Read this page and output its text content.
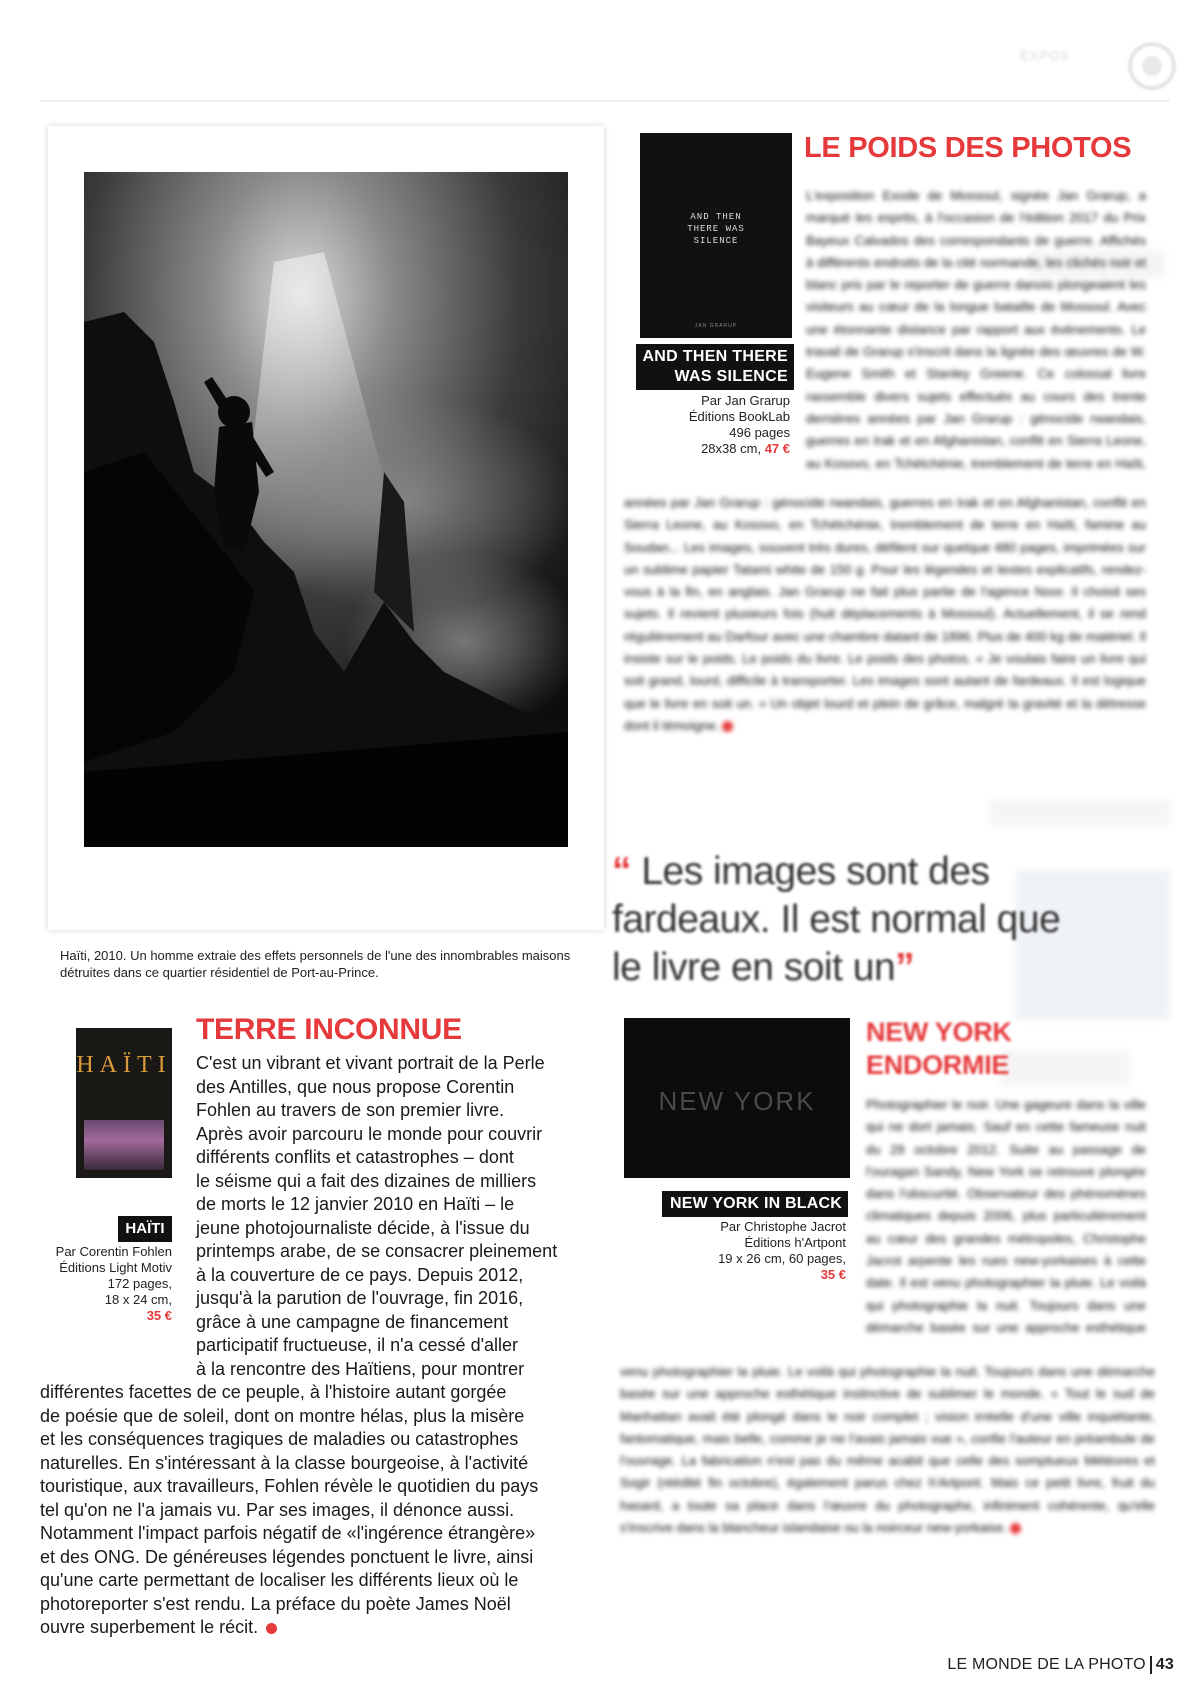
EXPOS
Haïti, 2010. Un homme extraie des effets personnels de l'une des innombrables maisons détruites dans ce quartier résidentiel de Port-au-Prince.
LE POIDS DES PHOTOS
AND THEN THERE WAS SILENCE
JAN GRARUP
AND THEN THERE WAS SILENCE
Par Jan Grarup
Éditions BookLab
496 pages
28x38 cm, 47 €
L'exposition Exode de Mossoul, signée Jan Grarup, a marqué les esprits, à l'occasion de l'édition 2017 du Prix Bayeux Calvados des correspondants de guerre. Affichés à différents endroits de la cité normande, les clichés noir et blanc pris par le reporter de guerre danois plongeaient les visiteurs au cœur de la longue bataille de Mossoul. Avec une étonnante distance par rapport aux événements. Le travail de Grarup s'inscrit dans la lignée des œuvres de W. Eugene Smith et Stanley Greene. Ce colossal livre rassemble divers sujets effectués au cours des trente dernières années par Jan Grarup : génocide rwandais, guerres en Irak et en Afghanistan, conflit en Sierra Leone, au Kosovo, en Tchétchénie, tremblement de terre en Haïti,
années par Jan Grarup : génocide rwandais, guerres en Irak et en Afghanistan, conflit en Sierra Leone, au Kosovo, en Tchétchénie, tremblement de terre en Haïti, famine au Soudan... Les images, souvent très dures, défilent sur quelque 480 pages, imprimées sur un sublime papier Tatami white de 150 g. Pour les légendes et textes explicatifs, rendez-vous à la fin, en anglais. Jan Grarup ne fait plus partie de l'agence Noor. Il choisit ses sujets. Il revient plusieurs fois (huit déplacements à Mossoul). Actuellement, il se rend régulièrement au Darfour avec une chambre datant de 1896. Plus de 400 kg de matériel. Il insiste sur le poids. Le poids du livre. Le poids des photos. « Je voulais faire un livre qui soit grand, lourd, difficile à transporter. Les images sont autant de fardeaux. Il est logique que le livre en soit un. » Un objet lourd et plein de grâce, malgré la gravité et la détresse dont il témoigne.
“ Les images sont des fardeaux. Il est normal que le livre en soit un”
TERRE INCONNUE
HAÏTI
HAÏTI
Par Corentin Fohlen
Éditions Light Motiv
172 pages,
18 x 24 cm,
35 €
C'est un vibrant et vivant portrait de la Perle
des Antilles, que nous propose Corentin
Fohlen au travers de son premier livre.
Après avoir parcouru le monde pour couvrir
différents conflits et catastrophes – dont
le séisme qui a fait des dizaines de milliers
de morts le 12 janvier 2010 en Haïti – le
jeune photojournaliste décide, à l'issue du
printemps arabe, de se consacrer pleinement
à la couverture de ce pays. Depuis 2012,
jusqu'à la parution de l'ouvrage, fin 2016,
grâce à une campagne de financement
participatif fructueuse, il n'a cessé d'aller
à la rencontre des Haïtiens, pour montrer
différentes facettes de ce peuple, à l'histoire autant gorgée
de poésie que de soleil, dont on montre hélas, plus la misère
et les conséquences tragiques de maladies ou catastrophes
naturelles. En s'intéressant à la classe bourgeoise, à l'activité
touristique, aux travailleurs, Fohlen révèle le quotidien du pays
tel qu'on ne l'a jamais vu. Par ses images, il dénonce aussi.
Notamment l'impact parfois négatif de «l'ingérence étrangère»
et des ONG. De généreuses légendes ponctuent le livre, ainsi
qu'une carte permettant de localiser les différents lieux où le
photoreporter s'est rendu. La préface du poète James Noël
ouvre superbement le récit.
NEW YORK
ENDORMIE
NEW YORK
NEW YORK IN BLACK
Par Christophe Jacrot
Éditions h'Artpont
19 x 26 cm, 60 pages,
35 €
Photographier le noir. Une gageure dans la ville qui ne dort jamais. Sauf en cette fameuse nuit du 29 octobre 2012. Suite au passage de l'ouragan Sandy, New York se retrouve plongée dans l'obscurité. Observateur des phénomènes climatiques depuis 2006, plus particulièrement au cœur des grandes métropoles, Christophe Jacrot arpente les rues new-yorkaises à cette date. Il est venu photographier la pluie. Le voilà qui photographie la nuit. Toujours dans une démarche basée sur une approche esthétique
venu photographier la pluie. Le voilà qui photographie la nuit. Toujours dans une démarche basée sur une approche esthétique instinctive de sublimer le monde. « Tout le sud de Manhattan avait été plongé dans le noir complet ; vision irréelle d'une ville inquiétante, fantomatique, mais belle, comme je ne l'avais jamais vue », confie l'auteur en préambule de l'ouvrage. La fabrication n'est pas du même acabit que celle des somptueux Météores et Sogir (réédité fin octobre), également parus chez h'Artpont. Mais ce petit livre, fruit du hasard, a toute sa place dans l'œuvre du photographe, infiniment cohérente, qu'elle s'inscrive dans la blancheur islandaise ou la noirceur new-yorkaise.
LE MONDE DE LA PHOTO 43
